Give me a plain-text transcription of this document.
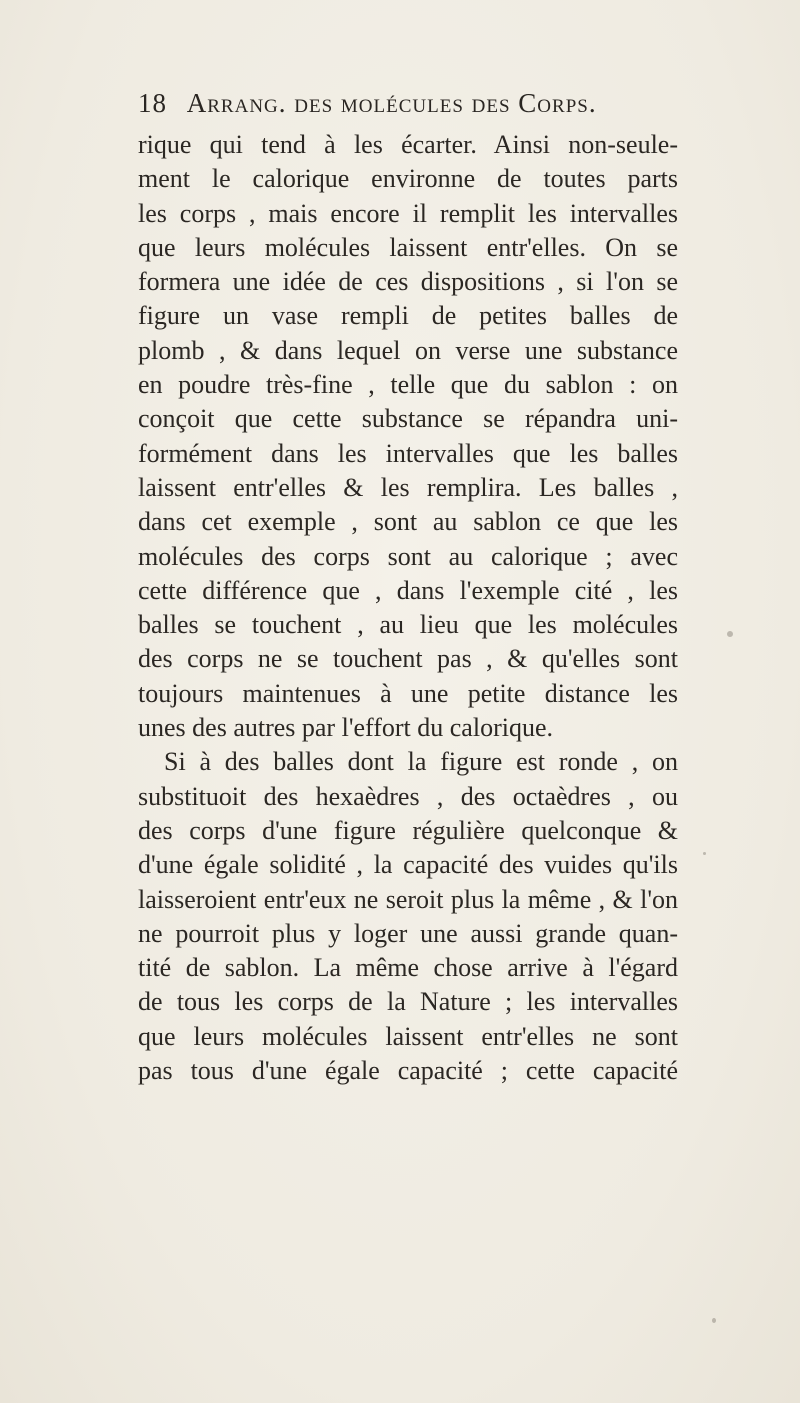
18 Arrang. des molécules des Corps.
rique qui tend à les écarter. Ainsi non-seule-
ment le calorique environne de toutes parts
les corps , mais encore il remplit les intervalles
que leurs molécules laissent entr'elles. On se
formera une idée de ces dispositions , si l'on se
figure un vase rempli de petites balles de
plomb , & dans lequel on verse une substance
en poudre très-fine , telle que du sablon : on
conçoit que cette substance se répandra uni-
formément dans les intervalles que les balles
laissent entr'elles & les remplira. Les balles ,
dans cet exemple , sont au sablon ce que les
molécules des corps sont au calorique ; avec
cette différence que , dans l'exemple cité , les
balles se touchent , au lieu que les molécules
des corps ne se touchent pas , & qu'elles sont
toujours maintenues à une petite distance les
unes des autres par l'effort du calorique.
Si à des balles dont la figure est ronde , on
substituoit des hexaèdres , des octaèdres , ou
des corps d'une figure régulière quelconque &
d'une égale solidité , la capacité des vuides qu'ils
laisseroient entr'eux ne seroit plus la même , & l'on
ne pourroit plus y loger une aussi grande quan-
tité de sablon. La même chose arrive à l'égard
de tous les corps de la Nature ; les intervalles
que leurs molécules laissent entr'elles ne sont
pas tous d'une égale capacité ; cette capacité
